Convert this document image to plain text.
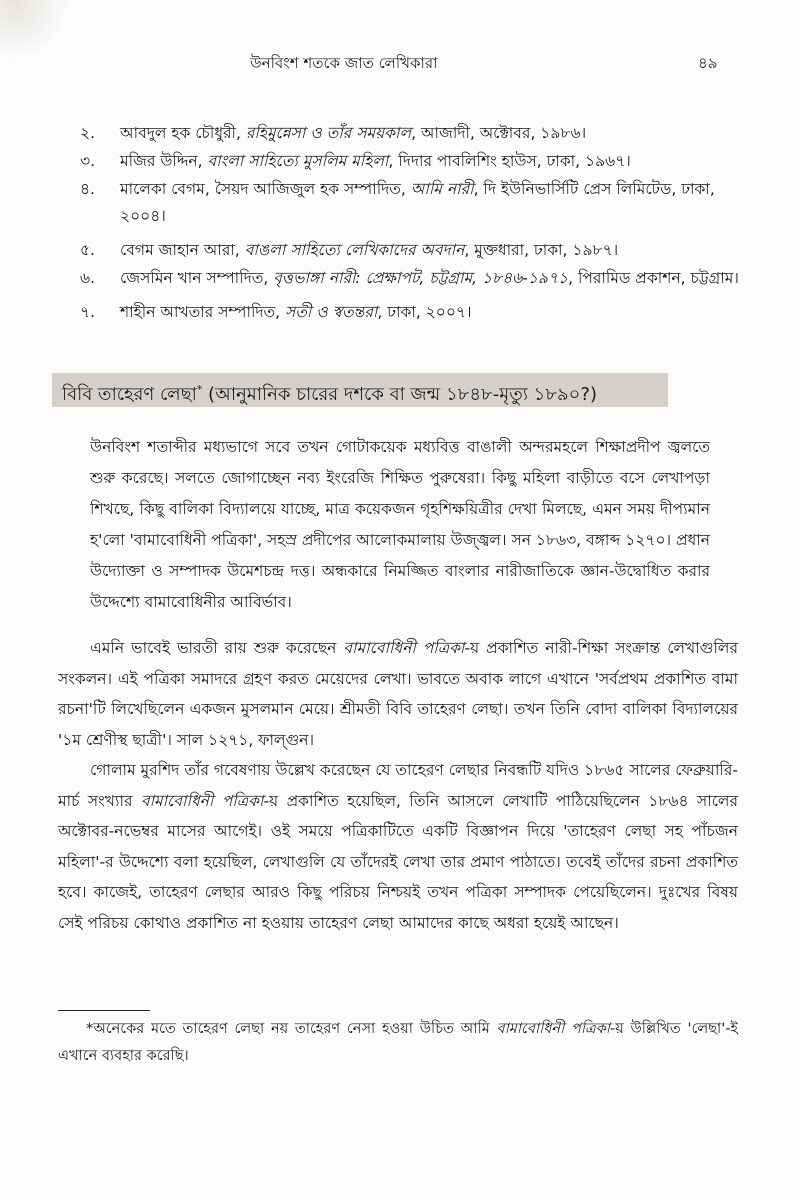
উনবিংশ শতকে জাত লেখিকারা	৪৯
২.	আবদুল হক চৌধুরী, রহিমুন্নেসা ও তাঁর সময়কাল, আজাদী, অক্টোবর, ১৯৮৬।
৩.	মজির উদ্দিন, বাংলা সাহিত্যে মুসলিম মহিলা, দিদার পাবলিশিং হাউস, ঢাকা, ১৯৬৭।
৪.	মালেকা বেগম, সৈয়দ আজিজুল হক সম্পাদিত, আমি নারী, দি ইউনিভার্সিটি প্রেস লিমিটেড, ঢাকা, ২০০৪।
৫.	বেগম জাহান আরা, বাঙলা সাহিত্যে লেখিকাদের অবদান, মুক্তধারা, ঢাকা, ১৯৮৭।
৬.	জেসমিন খান সম্পাদিত, বৃত্তভাঙ্গা নারী: প্রেক্ষাপট, চট্টগ্রাম, ১৮৪৬-১৯৭১, পিরামিড প্রকাশন, চট্টগ্রাম।
৭.	শাহীন আখতার সম্পাদিত, সতী ও স্বতন্তরা, ঢাকা, ২০০৭।
বিবি তাহেরণ লেছা* (আনুমানিক চারের দশকে বা জন্ম ১৮৪৮-মৃত্যু ১৮৯০?)
উনবিংশ শতাব্দীর মধ্যভাগে সবে তখন গোটাকয়েক মধ্যবিত্ত বাঙালী অন্দরমহলে শিক্ষাপ্রদীপ জ্বলতে শুরু করেছে। সলতে জোগাচ্ছেন নব্য ইংরেজি শিক্ষিত পুরুষেরা। কিছু মহিলা বাড়ীতে বসে লেখাপড়া শিখছে, কিছু বালিকা বিদ্যালয়ে যাচ্ছে, মাত্র কয়েকজন গৃহশিক্ষয়িত্রীর দেখা মিলছে, এমন সময় দীপ্যমান হ'লো 'বামাবোধিনী পত্রিকা', সহস্র প্রদীপের আলোকমালায় উজ্জ্বল। সন ১৮৬৩, বঙ্গাব্দ ১২৭০। প্রধান উদ্যোক্তা ও সম্পাদক উমেশচন্দ্র দত্ত। অন্ধকারে নিমজ্জিত বাংলার নারীজাতিকে জ্ঞান-উদ্বোধিত করার উদ্দেশ্যে বামাবোধিনীর আবির্ভাব।

এমনি ভাবেই ভারতী রায় শুরু করেছেন বামাবোধিনী পত্রিকা-য় প্রকাশিত নারী-শিক্ষা সংক্রান্ত লেখাগুলির সংকলন। এই পত্রিকা সমাদরে গ্রহণ করত মেয়েদের লেখা। ভাবতে অবাক লাগে এখানে 'সর্বপ্রথম প্রকাশিত বামা রচনা'টি লিখেছিলেন একজন মুসলমান মেয়ে। শ্রীমতী বিবি তাহেরণ লেছা। তখন তিনি বোদা বালিকা বিদ্যালয়ের '১ম শ্রেণীস্থ ছাত্রী'। সাল ১২৭১, ফাল্গুন।

গোলাম মুরশিদ তাঁর গবেষণায় উল্লেখ করেছেন যে তাহেরণ লেছার নিবন্ধটি যদিও ১৮৬৫ সালের ফেব্রুয়ারি-মার্চ সংখ্যার বামাবোধিনী পত্রিকা-য় প্রকাশিত হয়েছিল, তিনি আসলে লেখাটি পাঠিয়েছিলেন ১৮৬৪ সালের অক্টোবর-নভেম্বর মাসের আগেই। ওই সময়ে পত্রিকাটিতে একটি বিজ্ঞাপন দিয়ে 'তাহেরণ লেছা সহ পাঁচজন মহিলা'-র উদ্দেশ্যে বলা হয়েছিল, লেখাগুলি যে তাঁদেরই লেখা তার প্রমাণ পাঠাতে। তবেই তাঁদের রচনা প্রকাশিত হবে। কাজেই, তাহেরণ লেছার আরও কিছু পরিচয় নিশ্চয়ই তখন পত্রিকা সম্পাদক পেয়েছিলেন। দুঃখের বিষয় সেই পরিচয় কোথাও প্রকাশিত না হওয়ায় তাহেরণ লেছা আমাদের কাছে অধরা হয়েই আছেন।

*অনেকের মতে তাহেরণ লেছা নয় তাহেরণ নেসা হওয়া উচিত আমি বামাবোধিনী পত্রিকা-য় উল্লিখিত 'লেছা'-ই এখানে ব্যবহার করেছি।
